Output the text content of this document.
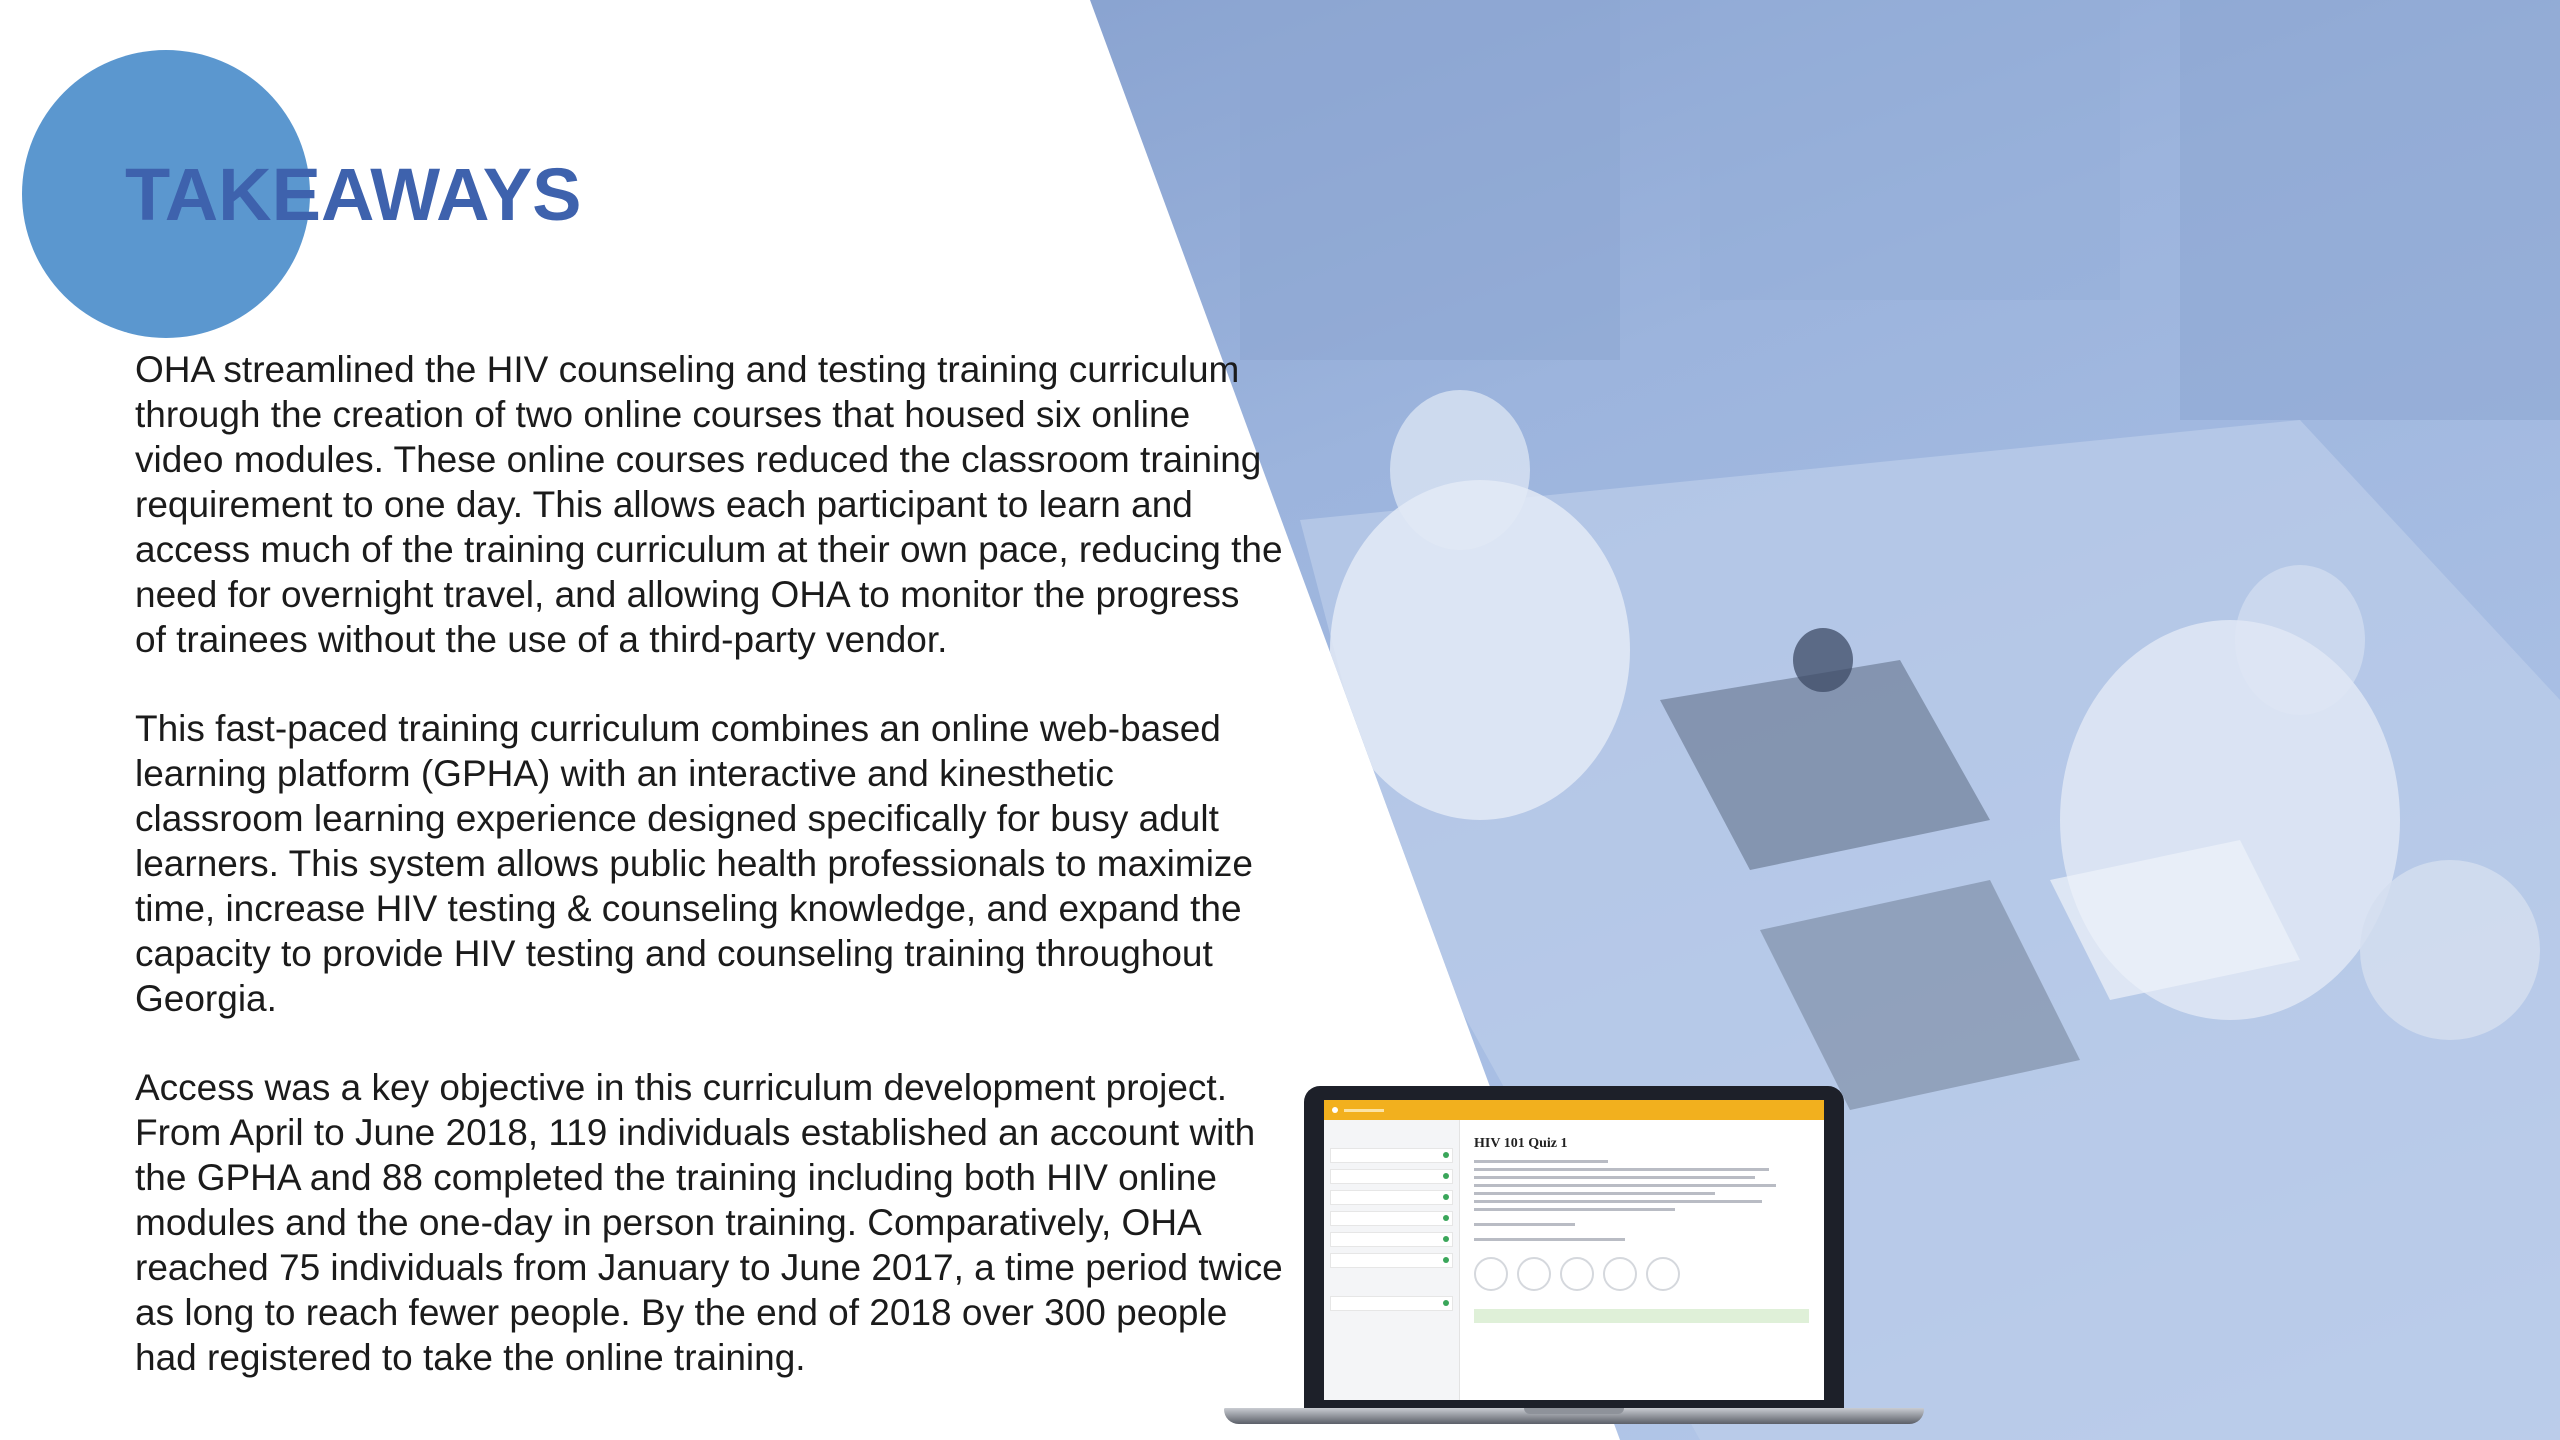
TAKEAWAYS

OHA streamlined the HIV counseling and testing training curriculum
through the creation of two online courses that housed six online
video modules. These online courses reduced the classroom training
requirement to one day. This allows each participant to learn and
access much of the training curriculum at their own pace, reducing the
need for overnight travel, and allowing OHA to monitor the progress
of trainees without the use of a third-party vendor.

This fast-paced training curriculum combines an online web-based
learning platform (GPHA) with an interactive and kinesthetic
classroom learning experience designed specifically for busy adult
learners. This system allows public health professionals to maximize
time, increase HIV testing & counseling knowledge, and expand the
capacity to provide HIV testing and counseling training throughout
Georgia.

Access was a key objective in this curriculum development project.
From April to June 2018, 119 individuals established an account with
the GPHA and 88 completed the training including both HIV online
modules and the one-day in person training. Comparatively, OHA
reached 75 individuals from January to June 2017, a time period twice
as long to reach fewer people. By the end of 2018 over 300 people
had registered to take the online training.

HIV 101 Quiz 1
